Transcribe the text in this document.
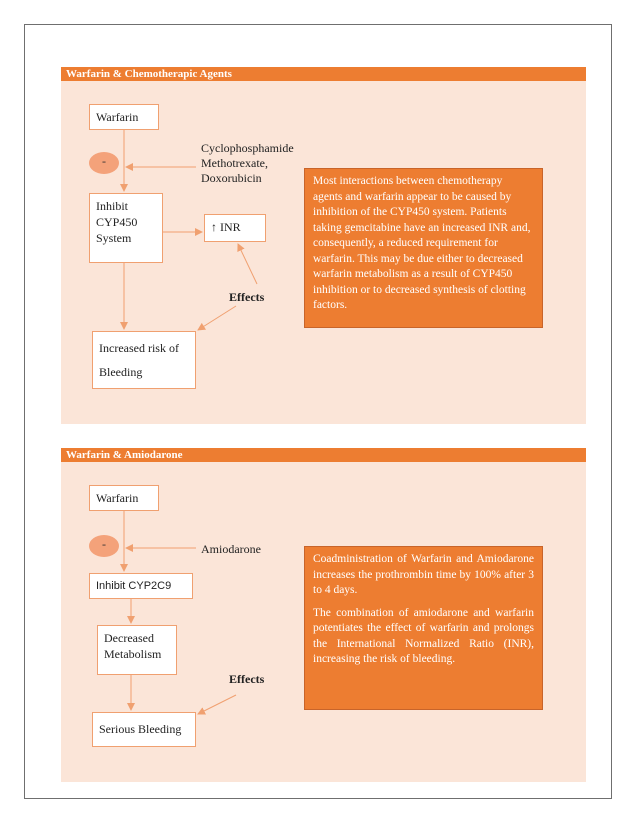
Warfarin & Chemotherapic Agents
Warfarin
-
Cyclophosphamide
Methotrexate,
Doxorubicin
Inhibit
CYP450
System
↑ INR
Effects
Increased risk of
Bleeding

Most interactions between chemotherapy agents and warfarin appear to be caused by inhibition of the CYP450 system. Patients taking gemcitabine have an increased INR and, consequently, a reduced requirement for warfarin. This may be due either to decreased warfarin metabolism as a result of CYP450 inhibition or to decreased synthesis of clotting factors.

Warfarin & Amiodarone
Warfarin
-	Amiodarone
Inhibit CYP2C9
Decreased
Metabolism
Effects
Serious Bleeding

Coadministration of Warfarin and Amiodarone increases the prothrombin time by 100% after 3 to 4 days.

The combination of amiodarone and warfarin potentiates the effect of warfarin and prolongs the International Normalized Ratio (INR), increasing the risk of bleeding.
